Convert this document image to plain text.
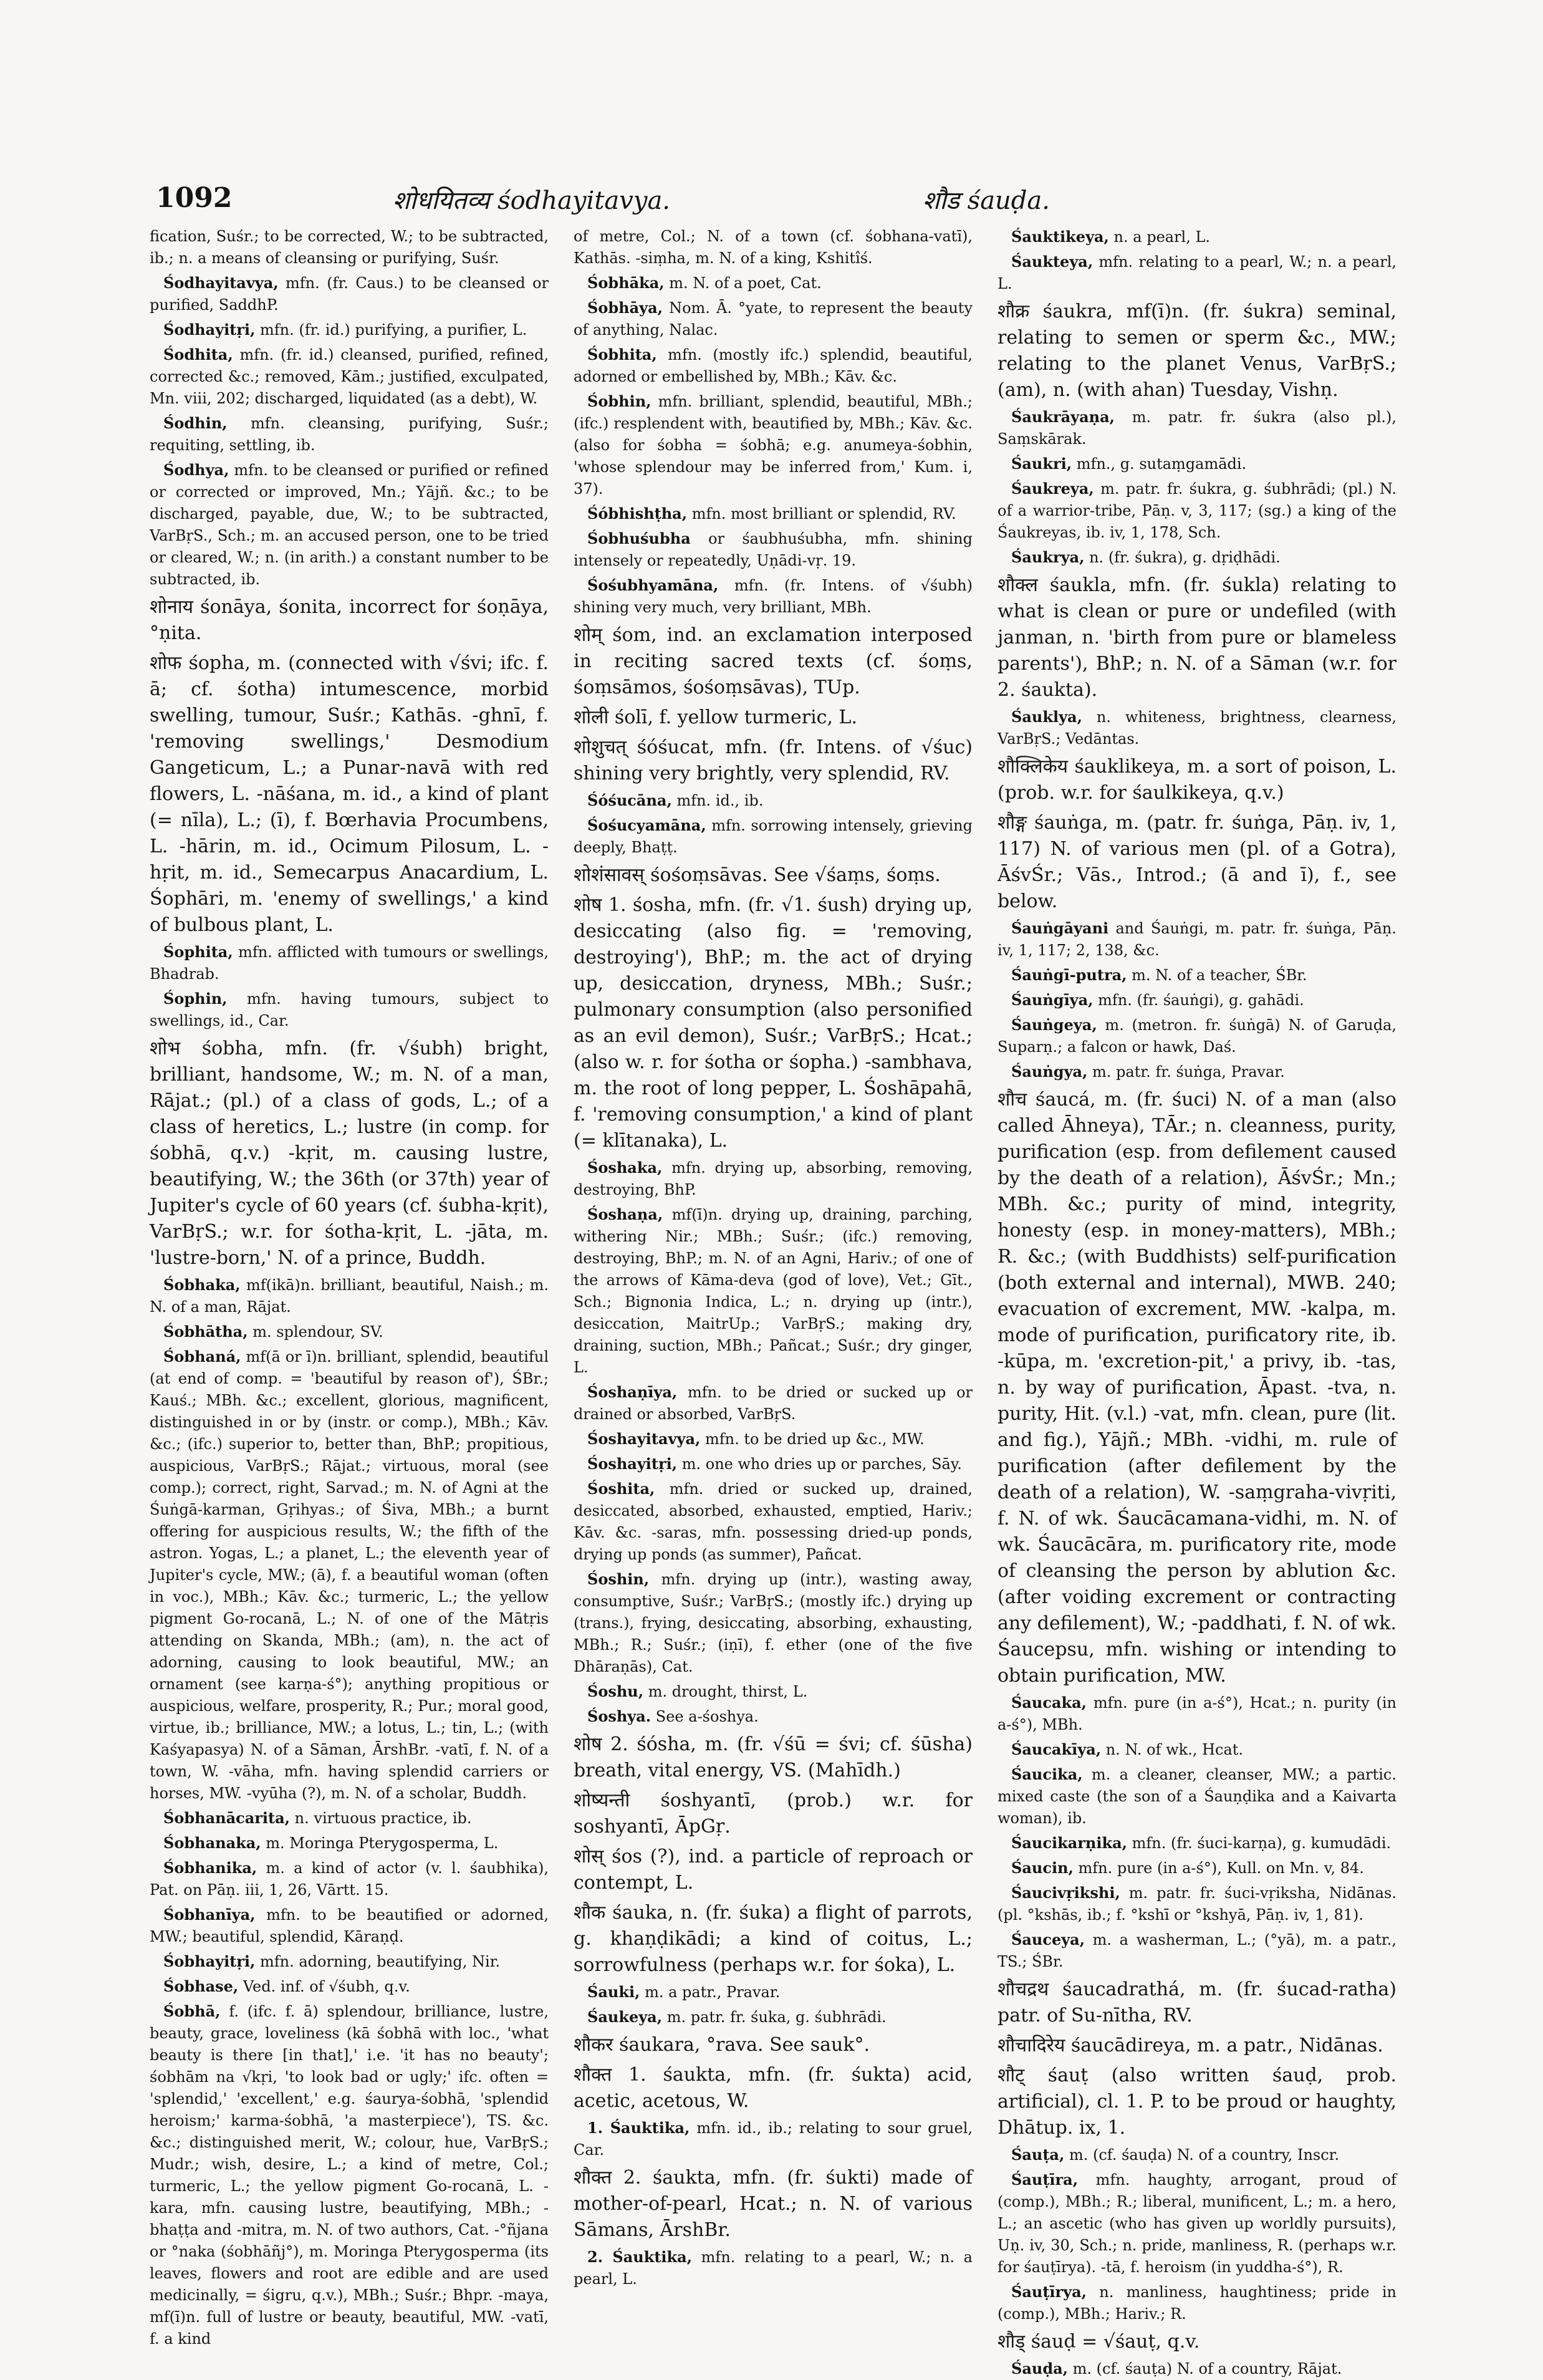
1092	शोधयितव्य śodhayitavya.	शौड śauḍa.

fication, Suśr.; to be corrected, W.; to be subtracted, ib.; n. a means of cleansing or purifying, Suśr.

Śodhayitavya, mfn. (fr. Caus.) to be cleansed or purified, SaddhP.

Śodhayitṛi, mfn. (fr. id.) purifying, a purifier, L.

Śodhita, mfn. (fr. id.) cleansed, purified, refined, corrected &c.; removed, Kām.; justified, exculpated, Mn. viii, 202; discharged, liquidated (as a debt), W.

Śodhin, mfn. cleansing, purifying, Suśr.; requiting, settling, ib.

Śodhya, mfn. to be cleansed or purified or refined or corrected or improved, Mn.; Yājñ. &c.; to be discharged, payable, due, W.; to be subtracted, VarBṛS., Sch.; m. an accused person, one to be tried or cleared, W.; n. (in arith.) a constant number to be subtracted, ib.

शोनाय śonāya, śonita, incorrect for śoṇāya, °ṇita.

शोफ śopha, m. (connected with √śvi; ifc. f. ā; cf. śotha) intumescence, morbid swelling, tumour, Suśr.; Kathās. -ghnī, f. 'removing swellings,' Desmodium Gangeticum, L.; a Punar-navā with red flowers, L. -nāśana, m. id., a kind of plant (= nīla), L.; (ī), f. Bœrhavia Procumbens, L. -hārin, m. id., Ocimum Pilosum, L. -hṛit, m. id., Semecarpus Anacardium, L. Śophāri, m. 'enemy of swellings,' a kind of bulbous plant, L.

Śophita, mfn. afflicted with tumours or swellings, Bhadrab.

Śophin, mfn. having tumours, subject to swellings, id., Car.

शोभ śobha, mfn. (fr. √śubh) bright, brilliant, handsome, W.; m. N. of a man, Rājat.; (pl.) of a class of gods, L.; of a class of heretics, L.; lustre (in comp. for śobhā, q.v.) -kṛit, m. causing lustre, beautifying, W.; the 36th (or 37th) year of Jupiter's cycle of 60 years (cf. śubha-kṛit), VarBṛS.; w.r. for śotha-kṛit, L. -jāta, m. 'lustre-born,' N. of a prince, Buddh.

Śobhaka, mf(ikā)n. brilliant, beautiful, Naish.; m. N. of a man, Rājat.

Śobhātha, m. splendour, SV.

Śobhaná, mf(ā or ī)n. brilliant, splendid, beautiful (at end of comp. = 'beautiful by reason of'), ŚBr.; Kauś.; MBh. &c.; excellent, glorious, magnificent, distinguished in or by (instr. or comp.), MBh.; Kāv. &c.; (ifc.) superior to, better than, BhP.; propitious, auspicious, VarBṛS.; Rājat.; virtuous, moral (see comp.); correct, right, Sarvad.; m. N. of Agni at the Śuṅgā-karman, Gṛihyas.; of Śiva, MBh.; a burnt offering for auspicious results, W.; the fifth of the astron. Yogas, L.; a planet, L.; the eleventh year of Jupiter's cycle, MW.; (ā), f. a beautiful woman (often in voc.), MBh.; Kāv. &c.; turmeric, L.; the yellow pigment Go-rocanā, L.; N. of one of the Mātṛis attending on Skanda, MBh.; (am), n. the act of adorning, causing to look beautiful, MW.; an ornament (see karṇa-ś°); anything propitious or auspicious, welfare, prosperity, R.; Pur.; moral good, virtue, ib.; brilliance, MW.; a lotus, L.; tin, L.; (with Kaśyapasya) N. of a Sāman, ĀrshBr. -vatī, f. N. of a town, W. -vāha, mfn. having splendid carriers or horses, MW. -vyūha (?), m. N. of a scholar, Buddh.

Śobhanācarita, n. virtuous practice, ib.

Śobhanaka, m. Moringa Pterygosperma, L.

Śobhanika, m. a kind of actor (v. l. śaubhika), Pat. on Pāṇ. iii, 1, 26, Vārtt. 15.

Śobhanīya, mfn. to be beautified or adorned, MW.; beautiful, splendid, Kāraṇḍ.

Śobhayitṛi, mfn. adorning, beautifying, Nir.

Śobhase, Ved. inf. of √śubh, q.v.

Śobhā, f. (ifc. f. ā) splendour, brilliance, lustre, beauty, grace, loveliness (kā śobhā with loc., 'what beauty is there [in that],' i.e. 'it has no beauty'; śobhām na √kṛi, 'to look bad or ugly;' ifc. often = 'splendid,' 'excellent,' e.g. śaurya-śobhā, 'splendid heroism;' karma-śobhā, 'a masterpiece'), TS. &c. &c.; distinguished merit, W.; colour, hue, VarBṛS.; Mudr.; wish, desire, L.; a kind of metre, Col.; turmeric, L.; the yellow pigment Go-rocanā, L. -kara, mfn. causing lustre, beautifying, MBh.; -bhaṭṭa and -mitra, m. N. of two authors, Cat. -°ñjana or °naka (śobhāñj°), m. Moringa Pterygosperma (its leaves, flowers and root are edible and are used medicinally, = śigru, q.v.), MBh.; Suśr.; Bhpr. -maya, mf(ī)n. full of lustre or beauty, beautiful, MW. -vatī, f. a kind

of metre, Col.; N. of a town (cf. śobhana-vatī), Kathās. -siṃha, m. N. of a king, Kshitîś.

Śobhāka, m. N. of a poet, Cat.

Śobhāya, Nom. Ā. °yate, to represent the beauty of anything, Nalac.

Śobhita, mfn. (mostly ifc.) splendid, beautiful, adorned or embellished by, MBh.; Kāv. &c.

Śobhin, mfn. brilliant, splendid, beautiful, MBh.; (ifc.) resplendent with, beautified by, MBh.; Kāv. &c. (also for śobha = śobhā; e.g. anumeya-śobhin, 'whose splendour may be inferred from,' Kum. i, 37).

Śóbhishṭha, mfn. most brilliant or splendid, RV.

Śobhuśubha or śaubhuśubha, mfn. shining intensely or repeatedly, Uṇādi-vṛ. 19.

Śośubhyamāna, mfn. (fr. Intens. of √śubh) shining very much, very brilliant, MBh.

शोम् śom, ind. an exclamation interposed in reciting sacred texts (cf. śoṃs, śoṃsāmos, śośoṃsāvas), TUp.

शोली śolī, f. yellow turmeric, L.

शोशुचत् śóśucat, mfn. (fr. Intens. of √śuc) shining very brightly, very splendid, RV.

Śóśucāna, mfn. id., ib.

Śośucyamāna, mfn. sorrowing intensely, grieving deeply, Bhaṭṭ.

शोशंसावस् śośoṃsāvas. See √śaṃs, śoṃs.

शोष 1. śosha, mfn. (fr. √1. śush) drying up, desiccating (also fig. = 'removing, destroying'), BhP.; m. the act of drying up, desiccation, dryness, MBh.; Suśr.; pulmonary consumption (also personified as an evil demon), Suśr.; VarBṛS.; Hcat.; (also w. r. for śotha or śopha.) -sambhava, m. the root of long pepper, L. Śoshāpahā, f. 'removing consumption,' a kind of plant (= klītanaka), L.

Śoshaka, mfn. drying up, absorbing, removing, destroying, BhP.

Śoshaṇa, mf(ī)n. drying up, draining, parching, withering Nir.; MBh.; Suśr.; (ifc.) removing, destroying, BhP.; m. N. of an Agni, Hariv.; of one of the arrows of Kāma-deva (god of love), Vet.; Gīt., Sch.; Bignonia Indica, L.; n. drying up (intr.), desiccation, MaitrUp.; VarBṛS.; making dry, draining, suction, MBh.; Pañcat.; Suśr.; dry ginger, L.

Śoshaṇīya, mfn. to be dried or sucked up or drained or absorbed, VarBṛS.

Śoshayitavya, mfn. to be dried up &c., MW.

Śoshayitṛi, m. one who dries up or parches, Sāy.

Śoshita, mfn. dried or sucked up, drained, desiccated, absorbed, exhausted, emptied, Hariv.; Kāv. &c. -saras, mfn. possessing dried-up ponds, drying up ponds (as summer), Pañcat.

Śoshin, mfn. drying up (intr.), wasting away, consumptive, Suśr.; VarBṛS.; (mostly ifc.) drying up (trans.), frying, desiccating, absorbing, exhausting, MBh.; R.; Suśr.; (iṇī), f. ether (one of the five Dhāraṇās), Cat.

Śoshu, m. drought, thirst, L.

Śoshya. See a-śoshya.

शोष 2. śósha, m. (fr. √śū = śvi; cf. śūsha) breath, vital energy, VS. (Mahīdh.)

शोष्यन्ती śoshyantī, (prob.) w.r. for soshyantī, ĀpGṛ.

शोस् śos (?), ind. a particle of reproach or contempt, L.

शौक śauka, n. (fr. śuka) a flight of parrots, g. khaṇḍikādi; a kind of coitus, L.; sorrowfulness (perhaps w.r. for śoka), L.

Śauki, m. a patr., Pravar.

Śaukeya, m. patr. fr. śuka, g. śubhrādi.

शौकर śaukara, °rava. See sauk°.

शौक्त 1. śaukta, mfn. (fr. śukta) acid, acetic, acetous, W.

1. Śauktika, mfn. id., ib.; relating to sour gruel, Car.

शौक्त 2. śaukta, mfn. (fr. śukti) made of mother-of-pearl, Hcat.; n. N. of various Sāmans, ĀrshBr.

2. Śauktika, mfn. relating to a pearl, W.; n. a pearl, L.

Śauktikeya, n. a pearl, L.

Śaukteya, mfn. relating to a pearl, W.; n. a pearl, L.

शौक्र śaukra, mf(ī)n. (fr. śukra) seminal, relating to semen or sperm &c., MW.; relating to the planet Venus, VarBṛS.; (am), n. (with ahan) Tuesday, Vishṇ.

Śaukrāyaṇa, m. patr. fr. śukra (also pl.), Saṃskārak.

Śaukri, mfn., g. sutaṃgamādi.

Śaukreya, m. patr. fr. śukra, g. śubhrādi; (pl.) N. of a warrior-tribe, Pāṇ. v, 3, 117; (sg.) a king of the Śaukreyas, ib. iv, 1, 178, Sch.

Śaukrya, n. (fr. śukra), g. dṛiḍhādi.

शौक्ल śaukla, mfn. (fr. śukla) relating to what is clean or pure or undefiled (with janman, n. 'birth from pure or blameless parents'), BhP.; n. N. of a Sāman (w.r. for 2. śaukta).

Śauklya, n. whiteness, brightness, clearness, VarBṛS.; Vedāntas.

शौक्लिकेय śauklikeya, m. a sort of poison, L. (prob. w.r. for śaulkikeya, q.v.)

शौङ्ग śauṅga, m. (patr. fr. śuṅga, Pāṇ. iv, 1, 117) N. of various men (pl. of a Gotra), ĀśvŚr.; Vās., Introd.; (ā and ī), f., see below.

Śauṅgāyani and Śauṅgi, m. patr. fr. śuṅga, Pāṇ. iv, 1, 117; 2, 138, &c.

Śauṅgī-putra, m. N. of a teacher, ŚBr.

Śauṅgīya, mfn. (fr. śauṅgi), g. gahādi.

Śauṅgeya, m. (metron. fr. śuṅgā) N. of Garuḍa, Suparṇ.; a falcon or hawk, Daś.

Śauṅgya, m. patr. fr. śuṅga, Pravar.

शौच śaucá, m. (fr. śuci) N. of a man (also called Āhneya), TĀr.; n. cleanness, purity, purification (esp. from defilement caused by the death of a relation), ĀśvŚr.; Mn.; MBh. &c.; purity of mind, integrity, honesty (esp. in money-matters), MBh.; R. &c.; (with Buddhists) self-purification (both external and internal), MWB. 240; evacuation of excrement, MW. -kalpa, m. mode of purification, purificatory rite, ib. -kūpa, m. 'excretion-pit,' a privy, ib. -tas, n. by way of purification, Āpast. -tva, n. purity, Hit. (v.l.) -vat, mfn. clean, pure (lit. and fig.), Yājñ.; MBh. -vidhi, m. rule of purification (after defilement by the death of a relation), W. -saṃgraha-vivṛiti, f. N. of wk. Śaucācamana-vidhi, m. N. of wk. Śaucācāra, m. purificatory rite, mode of cleansing the person by ablution &c. (after voiding excrement or contracting any defilement), W.; -paddhati, f. N. of wk. Śaucepsu, mfn. wishing or intending to obtain purification, MW.

Śaucaka, mfn. pure (in a-ś°), Hcat.; n. purity (in a-ś°), MBh.

Śaucakīya, n. N. of wk., Hcat.

Śaucika, m. a cleaner, cleanser, MW.; a partic. mixed caste (the son of a Śauṇḍika and a Kaivarta woman), ib.

Śaucikarṇika, mfn. (fr. śuci-karṇa), g. kumudādi.

Śaucin, mfn. pure (in a-ś°), Kull. on Mn. v, 84.

Śaucivṛikshi, m. patr. fr. śuci-vṛiksha, Nidānas. (pl. °kshās, ib.; f. °kshī or °kshyā, Pāṇ. iv, 1, 81).

Śauceya, m. a washerman, L.; (°yā), m. a patr., TS.; ŚBr.

शौचद्रथ śaucadrathá, m. (fr. śucad-ratha) patr. of Su-nītha, RV.

शौचादिरेय śaucādireya, m. a patr., Nidānas.

शौट् śauṭ (also written śauḍ, prob. artificial), cl. 1. P. to be proud or haughty, Dhātup. ix, 1.

Śauṭa, m. (cf. śauḍa) N. of a country, Inscr.

Śauṭīra, mfn. haughty, arrogant, proud of (comp.), MBh.; R.; liberal, munificent, L.; m. a hero, L.; an ascetic (who has given up worldly pursuits), Uṇ. iv, 30, Sch.; n. pride, manliness, R. (perhaps w.r. for śauṭīrya). -tā, f. heroism (in yuddha-ś°), R.

Śauṭīrya, n. manliness, haughtiness; pride in (comp.), MBh.; Hariv.; R.

शौड् śauḍ = √śauṭ, q.v.

Śauḍa, m. (cf. śauṭa) N. of a country, Rājat.
